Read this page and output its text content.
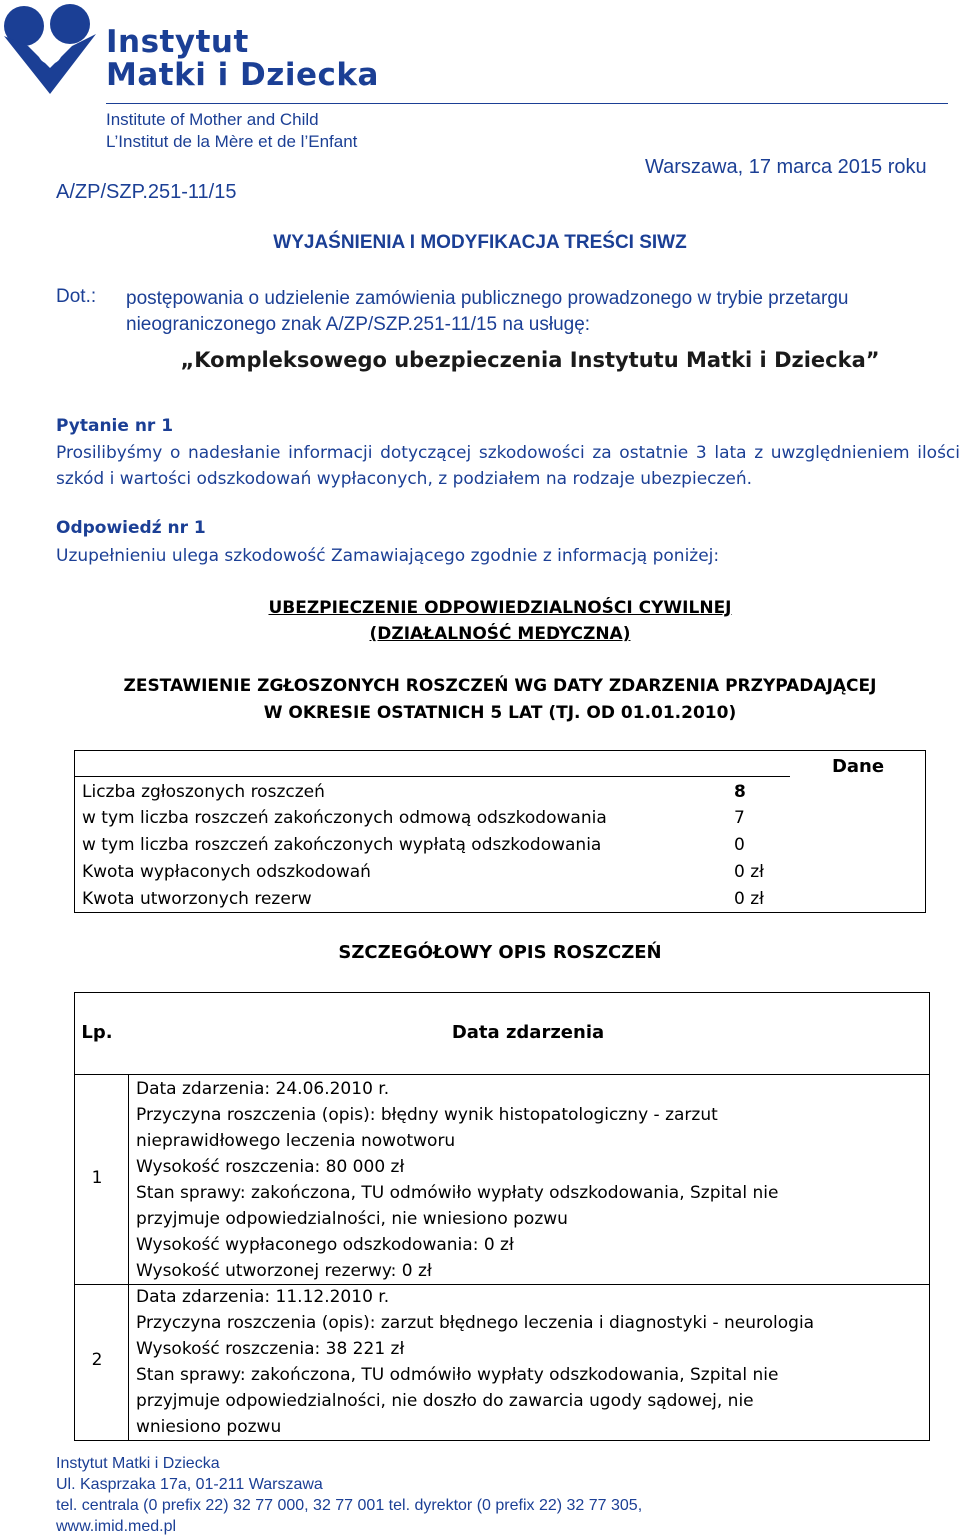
Instytut
Matki i Dziecka
Institute of Mother and Child
L’Institut de la Mère et de l’Enfant
Warszawa, 17 marca 2015 roku
A/ZP/SZP.251-11/15
WYJAŚNIENIA I MODYFIKACJA TREŚCI SIWZ
Dot.: postępowania o udzielenie zamówienia publicznego prowadzonego w trybie przetargu
nieograniczonego znak A/ZP/SZP.251-11/15 na usługę:
„Kompleksowego ubezpieczenia Instytutu Matki i Dziecka”
Pytanie nr 1
Prosilibyśmy o nadesłanie informacji dotyczącej szkodowości za ostatnie 3 lata z uwzględnieniem ilości szkód i wartości odszkodowań wypłaconych, z podziałem na rodzaje ubezpieczeń.
Odpowiedź nr 1
Uzupełnieniu ulega szkodowość Zamawiającego zgodnie z informacją poniżej:
UBEZPIECZENIE ODPOWIEDZIALNOŚCI CYWILNEJ
(DZIAŁALNOŚĆ MEDYCZNA)
ZESTAWIENIE ZGŁOSZONYCH ROSZCZEŃ WG DATY ZDARZENIA PRZYPADAJĄCEJ
W OKRESIE OSTATNICH 5 LAT (TJ. OD 01.01.2010)
Dane
Liczba zgłoszonych roszczeń	8
w tym liczba roszczeń zakończonych odmową odszkodowania	7
w tym liczba roszczeń zakończonych wypłatą odszkodowania	0
Kwota wypłaconych odszkodowań	0 zł
Kwota utworzonych rezerw	0 zł
SZCZEGÓŁOWY OPIS ROSZCZEŃ
Lp.	Data zdarzenia
1
Data zdarzenia: 24.06.2010 r.
Przyczyna roszczenia (opis): błędny wynik histopatologiczny - zarzut
nieprawidłowego leczenia nowotworu
Wysokość roszczenia: 80 000 zł
Stan sprawy: zakończona, TU odmówiło wypłaty odszkodowania, Szpital nie
przyjmuje odpowiedzialności, nie wniesiono pozwu
Wysokość wypłaconego odszkodowania: 0 zł
Wysokość utworzonej rezerwy: 0 zł
2
Data zdarzenia: 11.12.2010 r.
Przyczyna roszczenia (opis): zarzut błędnego leczenia i diagnostyki - neurologia
Wysokość roszczenia: 38 221 zł
Stan sprawy: zakończona, TU odmówiło wypłaty odszkodowania, Szpital nie
przyjmuje odpowiedzialności, nie doszło do zawarcia ugody sądowej, nie
wniesiono pozwu
Instytut Matki i Dziecka
Ul. Kasprzaka 17a, 01-211 Warszawa
tel. centrala (0 prefix 22) 32 77 000, 32 77 001 tel. dyrektor (0 prefix 22) 32 77 305,
www.imid.med.pl
